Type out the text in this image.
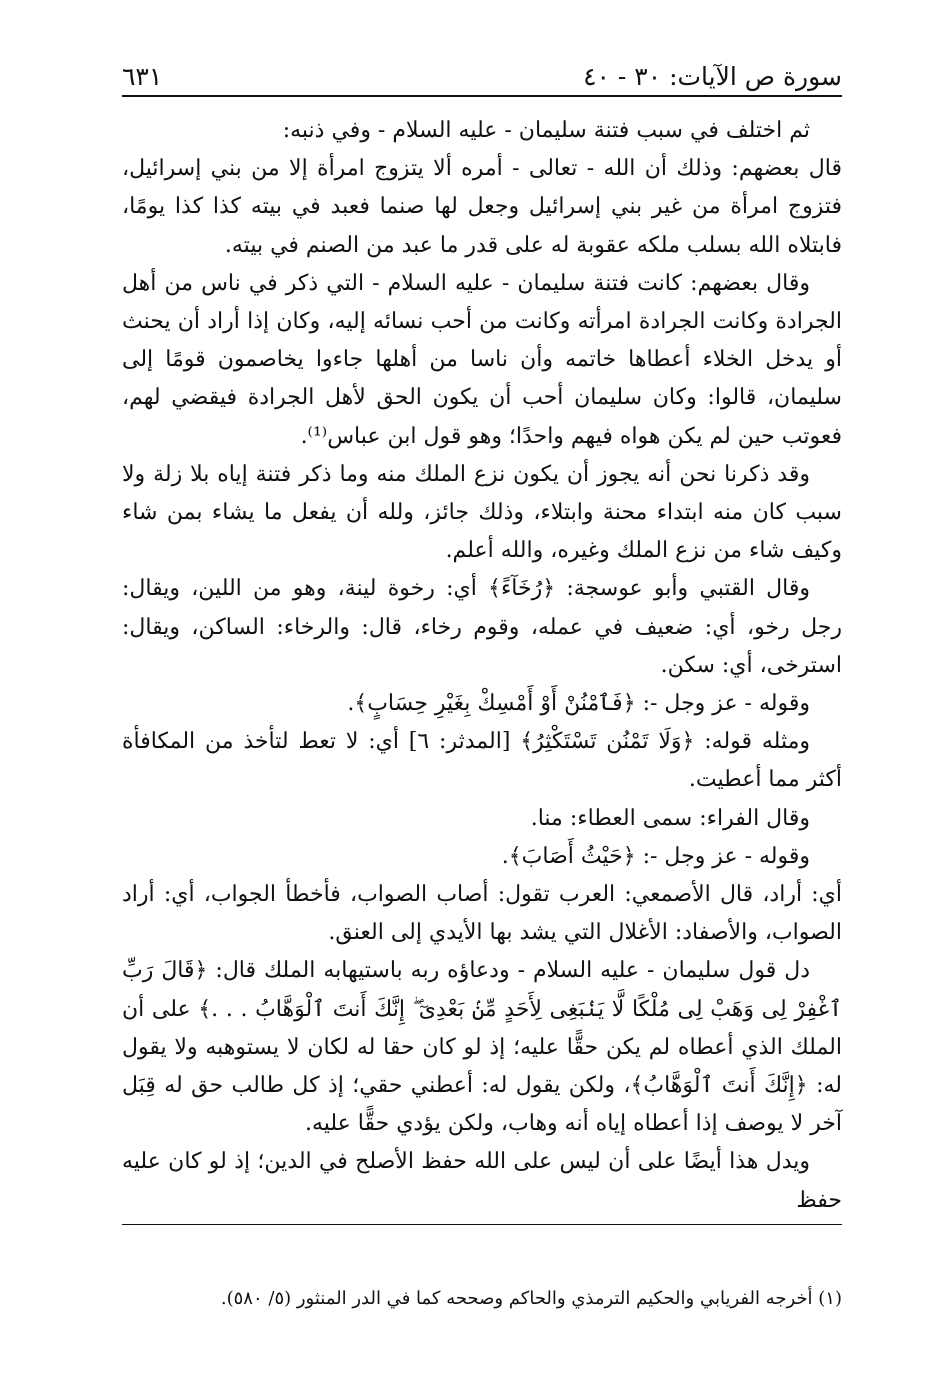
سورة ص الآيات: ٣٠ - ٤٠
٦٣١

ثم اختلف في سبب فتنة سليمان - عليه السلام - وفي ذنبه:

قال بعضهم: وذلك أن الله - تعالى - أمره ألا يتزوج امرأة إلا من بني إسرائيل، فتزوج امرأة من غير بني إسرائيل وجعل لها صنما فعبد في بيته كذا كذا يومًا، فابتلاه الله بسلب ملكه عقوبة له على قدر ما عبد من الصنم في بيته.

وقال بعضهم: كانت فتنة سليمان - عليه السلام - التي ذكر في ناس من أهل الجرادة وكانت الجرادة امرأته وكانت من أحب نسائه إليه، وكان إذا أراد أن يحنث أو يدخل الخلاء أعطاها خاتمه وأن ناسا من أهلها جاءوا يخاصمون قومًا إلى سليمان، قالوا: وكان سليمان أحب أن يكون الحق لأهل الجرادة فيقضي لهم، فعوتب حين لم يكن هواه فيهم واحدًا؛ وهو قول ابن عباس⁽¹⁾.

وقد ذكرنا نحن أنه يجوز أن يكون نزع الملك منه وما ذكر فتنة إياه بلا زلة ولا سبب كان منه ابتداء محنة وابتلاء، وذلك جائز، ولله أن يفعل ما يشاء بمن شاء وكيف شاء من نزع الملك وغيره، والله أعلم.

وقال القتبي وأبو عوسجة: ﴿رُخَآءً﴾ أي: رخوة لينة، وهو من اللين، ويقال: رجل رخو، أي: ضعيف في عمله، وقوم رخاء، قال: والرخاء: الساكن، ويقال: استرخى، أي: سكن.

وقوله - عز وجل -: ﴿فَٱمْنُنْ أَوْ أَمْسِكْ بِغَيْرِ حِسَابٍ﴾.

ومثله قوله: ﴿وَلَا تَمْنُن تَسْتَكْثِرُ﴾ [المدثر: ٦] أي: لا تعط لتأخذ من المكافأة أكثر مما أعطيت.

وقال الفراء: سمى العطاء: منا.

وقوله - عز وجل -: ﴿حَيْثُ أَصَابَ﴾.

أي: أراد، قال الأصمعي: العرب تقول: أصاب الصواب، فأخطأ الجواب، أي: أراد الصواب، والأصفاد: الأغلال التي يشد بها الأيدي إلى العنق.

دل قول سليمان - عليه السلام - ودعاؤه ربه باستيهابه الملك قال: ﴿قَالَ رَبِّ ٱغْفِرْ لِى وَهَبْ لِى مُلْكًا لَّا يَنۢبَغِى لِأَحَدٍ مِّنۢ بَعْدِىٓ ۖ إِنَّكَ أَنتَ ٱلْوَهَّابُ . . .﴾ على أن الملك الذي أعطاه لم يكن حقًّا عليه؛ إذ لو كان حقا له لكان لا يستوهبه ولا يقول له: ﴿إِنَّكَ أَنتَ ٱلْوَهَّابُ﴾، ولكن يقول له: أعطني حقي؛ إذ كل طالب حق له قِبَل آخر لا يوصف إذا أعطاه إياه أنه وهاب، ولكن يؤدي حقًّا عليه.

ويدل هذا أيضًا على أن ليس على الله حفظ الأصلح في الدين؛ إذ لو كان عليه حفظ

(١) أخرجه الفريابي والحكيم الترمذي والحاكم وصححه كما في الدر المنثور (٥/ ٥٨٠).
